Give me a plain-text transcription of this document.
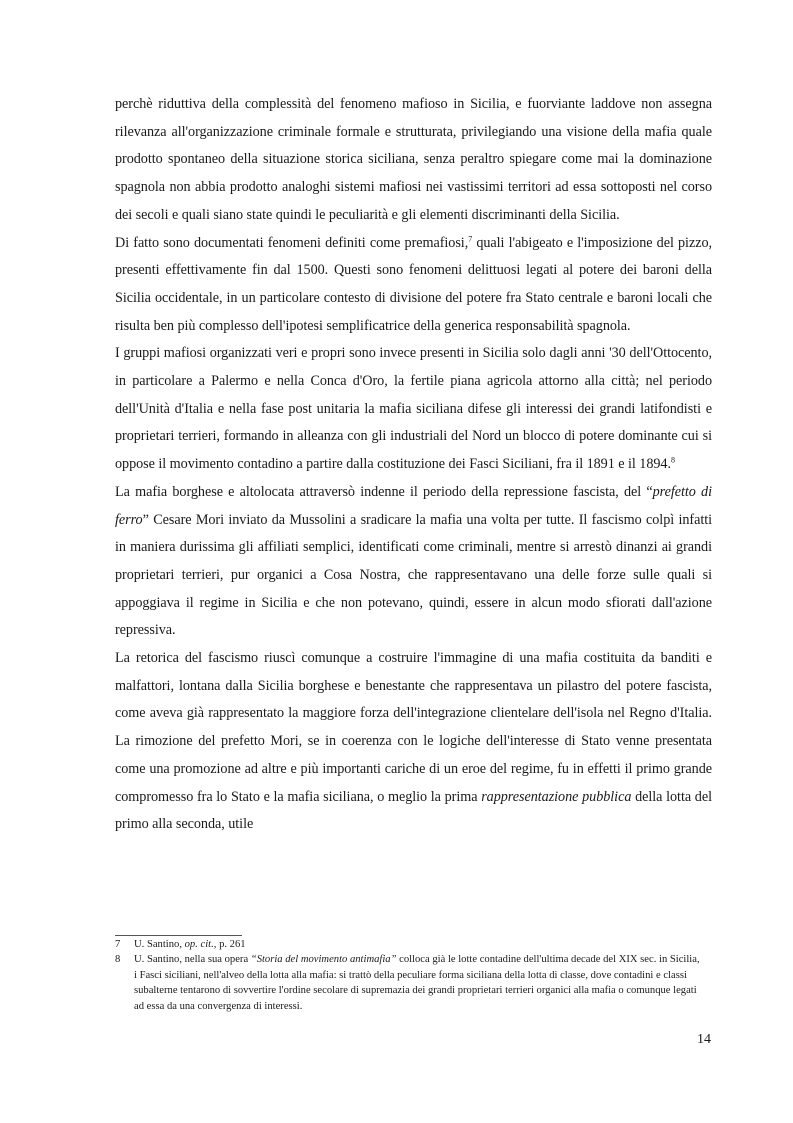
perchè riduttiva della complessità del fenomeno mafioso in Sicilia, e fuorviante laddove non assegna rilevanza all'organizzazione criminale formale e strutturata, privilegiando una visione della mafia quale prodotto spontaneo della situazione storica siciliana, senza peraltro spiegare come mai la dominazione spagnola non abbia prodotto analoghi sistemi mafiosi nei vastissimi territori ad essa sottoposti nel corso dei secoli e quali siano state quindi le peculiarità e gli elementi discriminanti della Sicilia.

Di fatto sono documentati fenomeni definiti come premafiosi,$^7$ quali l'abigeato e l'imposizione del pizzo, presenti effettivamente fin dal 1500. Questi sono fenomeni delittuosi legati al potere dei baroni della Sicilia occidentale, in un particolare contesto di divisione del potere fra Stato centrale e baroni locali che risulta ben più complesso dell'ipotesi semplificatrice della generica responsabilità spagnola.

I gruppi mafiosi organizzati veri e propri sono invece presenti in Sicilia solo dagli anni '30 dell'Ottocento, in particolare a Palermo e nella Conca d'Oro, la fertile piana agricola attorno alla città; nel periodo dell'Unità d'Italia e nella fase post unitaria la mafia siciliana difese gli interessi dei grandi latifondisti e proprietari terrieri, formando in alleanza con gli industriali del Nord un blocco di potere dominante cui si oppose il movimento contadino a partire dalla costituzione dei Fasci Siciliani, fra il 1891 e il 1894.$^8$

La mafia borghese e altolocata attraversò indenne il periodo della repressione fascista, del “prefetto di ferro” Cesare Mori inviato da Mussolini a sradicare la mafia una volta per tutte. Il fascismo colpì infatti in maniera durissima gli affiliati semplici, identificati come criminali, mentre si arrestò dinanzi ai grandi proprietari terrieri, pur organici a Cosa Nostra, che rappresentavano una delle forze sulle quali si appoggiava il regime in Sicilia e che non potevano, quindi, essere in alcun modo sfiorati dall'azione repressiva.

La retorica del fascismo riuscì comunque a costruire l'immagine di una mafia costituita da banditi e malfattori, lontana dalla Sicilia borghese e benestante che rappresentava un pilastro del potere fascista, come aveva già rappresentato la maggiore forza dell'integrazione clientelare dell'isola nel Regno d'Italia. La rimozione del prefetto Mori, se in coerenza con le logiche dell'interesse di Stato venne presentata come una promozione ad altre e più importanti cariche di un eroe del regime, fu in effetti il primo grande compromesso fra lo Stato e la mafia siciliana, o meglio la prima rappresentazione pubblica della lotta del primo alla seconda, utile

7 U. Santino, op. cit., p. 261
8 U. Santino, nella sua opera “Storia del movimento antimafia” colloca già le lotte contadine dell'ultima decade del XIX sec. in Sicilia, i Fasci siciliani, nell'alveo della lotta alla mafia: si trattò della peculiare forma siciliana della lotta di classe, dove contadini e classi subalterne tentarono di sovvertire l'ordine secolare di supremazia dei grandi proprietari terrieri organici alla mafia o comunque legati ad essa da una convergenza di interessi.
14
